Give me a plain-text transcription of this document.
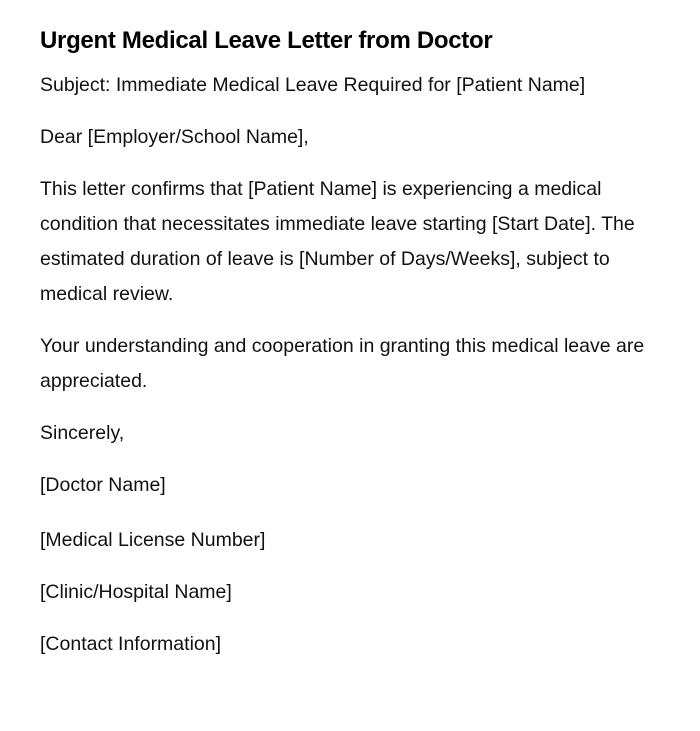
Urgent Medical Leave Letter from Doctor

Subject: Immediate Medical Leave Required for [Patient Name]

Dear [Employer/School Name],

This letter confirms that [Patient Name] is experiencing a medical condition that necessitates immediate leave starting [Start Date]. The estimated duration of leave is [Number of Days/Weeks], subject to medical review.

Your understanding and cooperation in granting this medical leave are appreciated.

Sincerely,

[Doctor Name]

[Medical License Number]

[Clinic/Hospital Name]

[Contact Information]
